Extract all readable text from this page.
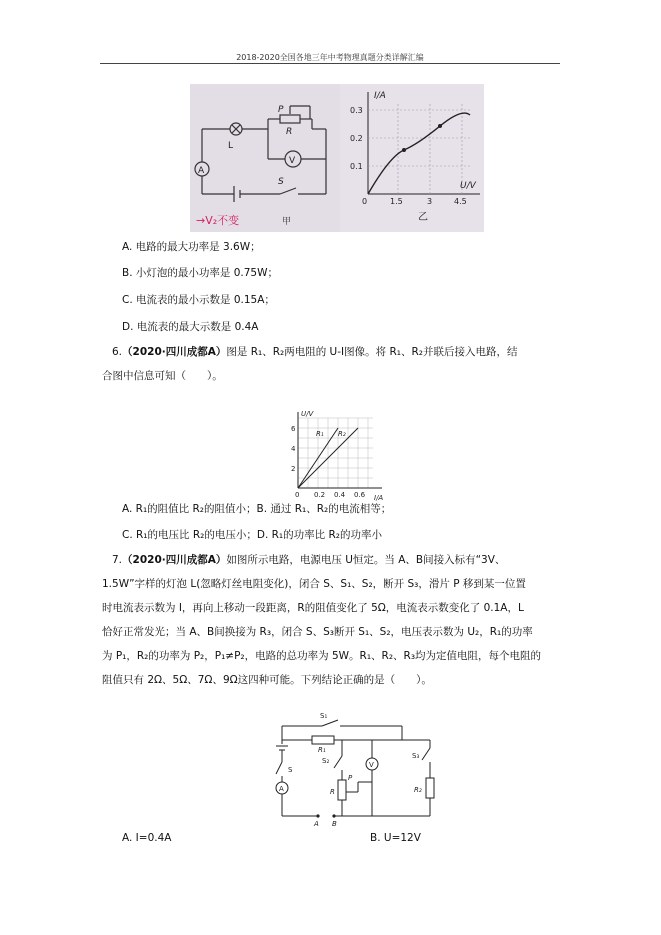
2018-2020全国各地三年中考物理真题分类详解汇编
L
P
R
V
A
S
→V₂不变	甲
I/A
U/V
0.1
0.2
0.3
0	1.5	3	4.5
乙
A. 电路的最大功率是 3.6W；
B. 小灯泡的最小功率是 0.75W；
C. 电流表的最小示数是 0.15A；
D. 电流表的最大示数是 0.4A
6.（2020·四川成都A）图是 R₁、R₂两电阻的 U-I图像。将 R₁、R₂并联后接入电路，结
合图中信息可知（　　）。
U/V
I/A
2
4
6
0 0.2 0.4 0.6
R₁ R₂
A. R₁的阻值比 R₂的阻值小；B. 通过 R₁、R₂的电流相等；
C. R₁的电压比 R₂的电压小；D. R₁的功率比 R₂的功率小
7.（2020·四川成都A）如图所示电路，电源电压 U恒定。当 A、B间接入标有“3V、
1.5W”字样的灯泡 L(忽略灯丝电阻变化)，闭合 S、S₁、S₂，断开 S₃，滑片 P 移到某一位置
时电流表示数为 I，再向上移动一段距离，R的阻值变化了 5Ω，电流表示数变化了 0.1A，L
恰好正常发光；当 A、B间换接为 R₃，闭合 S、S₃断开 S₁、S₂，电压表示数为 U₂，R₁的功率
为 P₁，R₂的功率为 P₂，P₁≠P₂，电路的总功率为 5W。R₁、R₂、R₃均为定值电阻，每个电阻的
阻值只有 2Ω、5Ω、7Ω、9Ω这四种可能。下列结论正确的是（　　）。
S₁
R₁
S₂
S₃
S
A
V
P
R	R₂
A B
A. I=0.4A	B. U=12V
